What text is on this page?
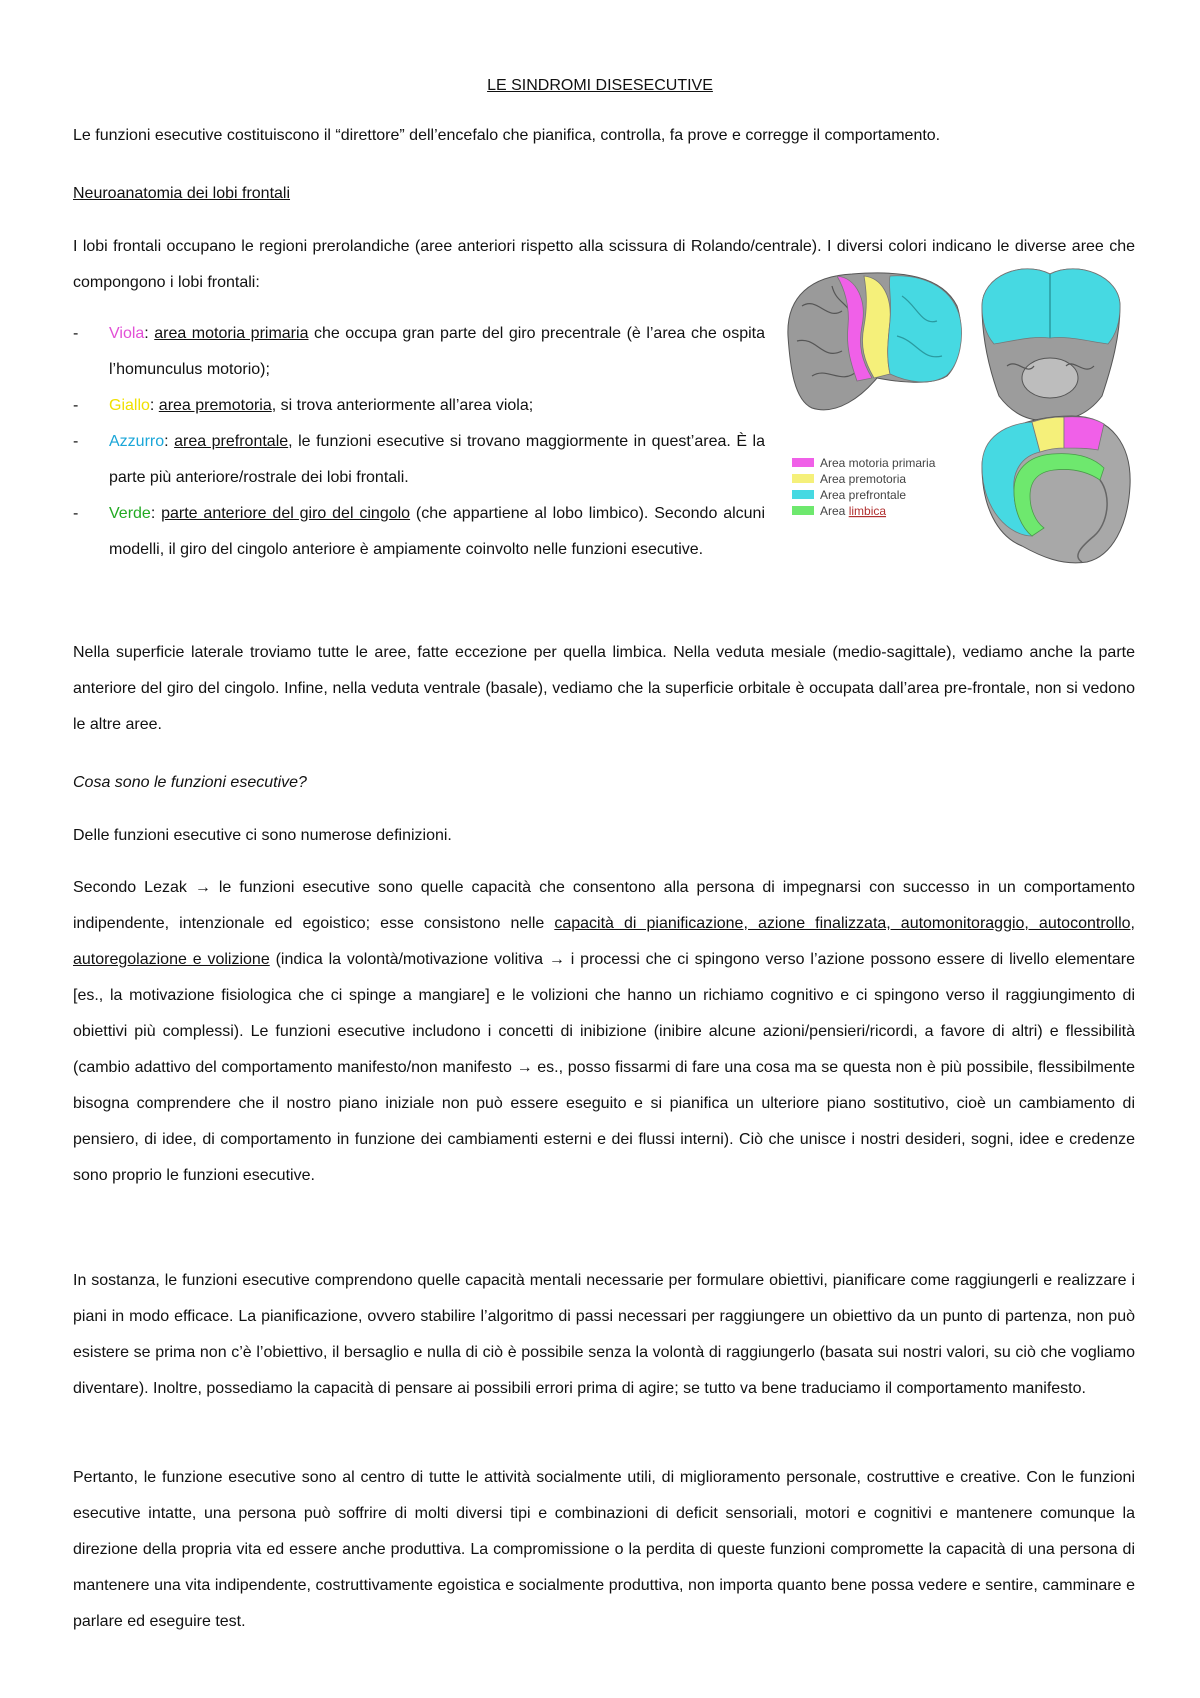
LE SINDROMI DISESECUTIVE

Le funzioni esecutive costituiscono il “direttore” dell’encefalo che pianifica, controlla, fa prove e corregge il comportamento.

Neuroanatomia dei lobi frontali

I lobi frontali occupano le regioni prerolandiche (aree anteriori rispetto alla scissura di Rolando/centrale). I diversi colori indicano le diverse aree che compongono i lobi frontali:

- Viola: area motoria primaria che occupa gran parte del giro precentrale (è l’area che ospita l’homunculus motorio);
- Giallo: area premotoria, si trova anteriormente all’area viola;
- Azzurro: area prefrontale, le funzioni esecutive si trovano maggiormente in quest’area. È la parte più anteriore/rostrale dei lobi frontali.
- Verde: parte anteriore del giro del cingolo (che appartiene al lobo limbico). Secondo alcuni modelli, il giro del cingolo anteriore è ampiamente coinvolto nelle funzioni esecutive.
Area motoria primaria
Area premotoria
Area prefrontale
Area limbica

Nella superficie laterale troviamo tutte le aree, fatte eccezione per quella limbica. Nella veduta mesiale (medio-sagittale), vediamo anche la parte anteriore del giro del cingolo. Infine, nella veduta ventrale (basale), vediamo che la superficie orbitale è occupata dall’area pre-frontale, non si vedono le altre aree.

Cosa sono le funzioni esecutive?

Delle funzioni esecutive ci sono numerose definizioni.

Secondo Lezak → le funzioni esecutive sono quelle capacità che consentono alla persona di impegnarsi con successo in un comportamento indipendente, intenzionale ed egoistico; esse consistono nelle capacità di pianificazione, azione finalizzata, automonitoraggio, autocontrollo, autoregolazione e volizione (indica la volontà/motivazione volitiva → i processi che ci spingono verso l’azione possono essere di livello elementare [es., la motivazione fisiologica che ci spinge a mangiare] e le volizioni che hanno un richiamo cognitivo e ci spingono verso il raggiungimento di obiettivi più complessi). Le funzioni esecutive includono i concetti di inibizione (inibire alcune azioni/pensieri/ricordi, a favore di altri) e flessibilità (cambio adattivo del comportamento manifesto/non manifesto → es., posso fissarmi di fare una cosa ma se questa non è più possibile, flessibilmente bisogna comprendere che il nostro piano iniziale non può essere eseguito e si pianifica un ulteriore piano sostitutivo, cioè un cambiamento di pensiero, di idee, di comportamento in funzione dei cambiamenti esterni e dei flussi interni). Ciò che unisce i nostri desideri, sogni, idee e credenze sono proprio le funzioni esecutive.

In sostanza, le funzioni esecutive comprendono quelle capacità mentali necessarie per formulare obiettivi, pianificare come raggiungerli e realizzare i piani in modo efficace. La pianificazione, ovvero stabilire l’algoritmo di passi necessari per raggiungere un obiettivo da un punto di partenza, non può esistere se prima non c’è l’obiettivo, il bersaglio e nulla di ciò è possibile senza la volontà di raggiungerlo (basata sui nostri valori, su ciò che vogliamo diventare). Inoltre, possediamo la capacità di pensare ai possibili errori prima di agire; se tutto va bene traduciamo il comportamento manifesto.

Pertanto, le funzione esecutive sono al centro di tutte le attività socialmente utili, di miglioramento personale, costruttive e creative. Con le funzioni esecutive intatte, una persona può soffrire di molti diversi tipi e combinazioni di deficit sensoriali, motori e cognitivi e mantenere comunque la direzione della propria vita ed essere anche produttiva. La compromissione o la perdita di queste funzioni compromette la capacità di una persona di mantenere una vita indipendente, costruttivamente egoistica e socialmente produttiva, non importa quanto bene possa vedere e sentire, camminare e parlare ed eseguire test.
